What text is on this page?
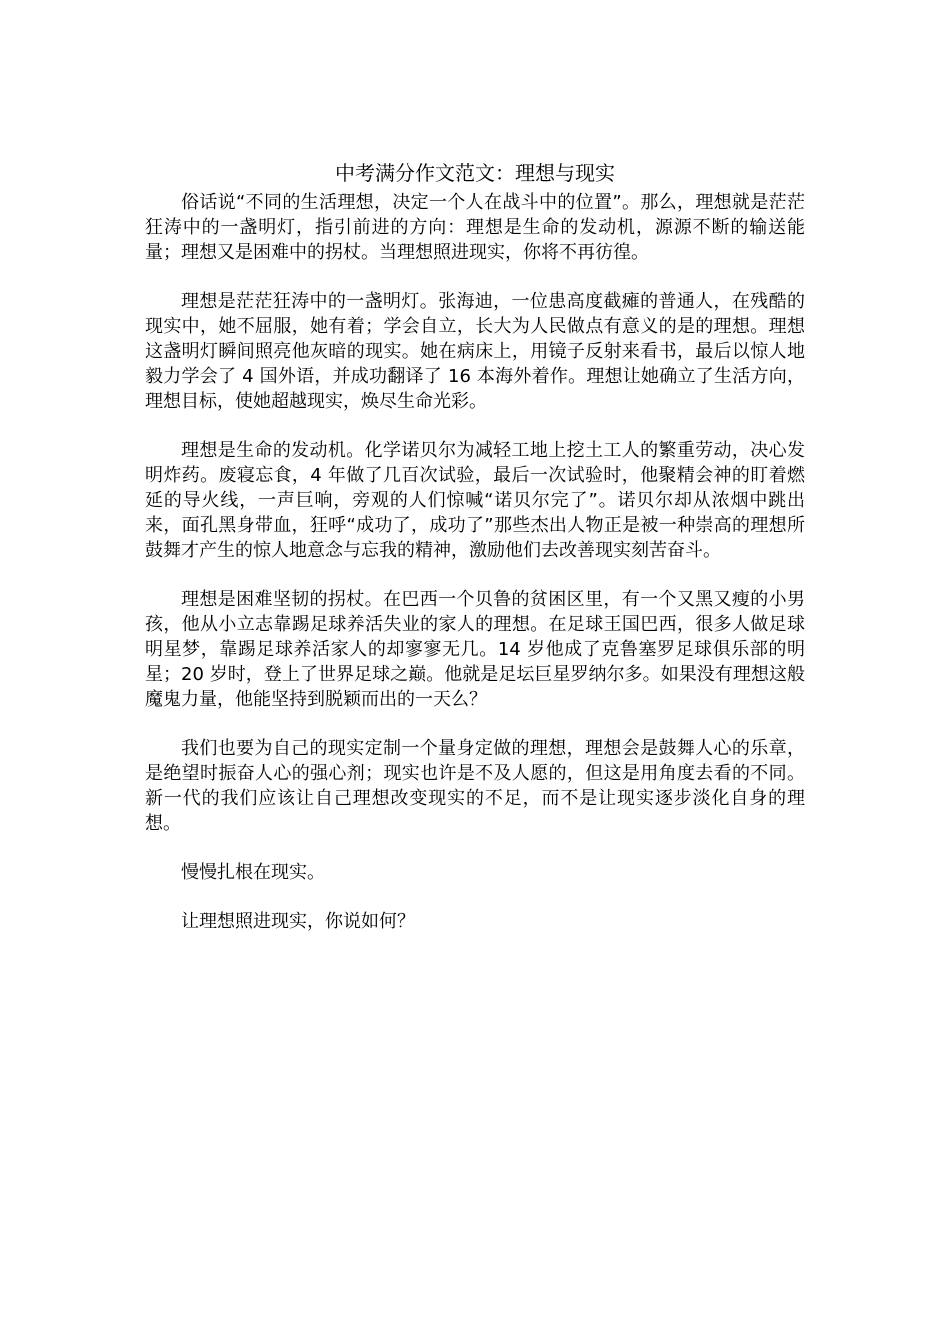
中考满分作文范文：理想与现实

俗话说“不同的生活理想，决定一个人在战斗中的位置”。那么，理想就是茫茫狂涛中的一盏明灯，指引前进的方向：理想是生命的发动机，源源不断的输送能量；理想又是困难中的拐杖。当理想照进现实，你将不再彷徨。

理想是茫茫狂涛中的一盏明灯。张海迪，一位患高度截瘫的普通人，在残酷的现实中，她不屈服，她有着；学会自立，长大为人民做点有意义的是的理想。理想这盏明灯瞬间照亮他灰暗的现实。她在病床上，用镜子反射来看书，最后以惊人地毅力学会了 4 国外语，并成功翻译了 16 本海外着作。理想让她确立了生活方向，理想目标，使她超越现实，焕尽生命光彩。

理想是生命的发动机。化学诺贝尔为减轻工地上挖土工人的繁重劳动，决心发明炸药。废寝忘食，4 年做了几百次试验，最后一次试验时，他聚精会神的盯着燃延的导火线，一声巨响，旁观的人们惊喊“诺贝尔完了”。诺贝尔却从浓烟中跳出来，面孔黑身带血，狂呼“成功了，成功了”那些杰出人物正是被一种崇高的理想所鼓舞才产生的惊人地意念与忘我的精神，激励他们去改善现实刻苦奋斗。

理想是困难坚韧的拐杖。在巴西一个贝鲁的贫困区里，有一个又黑又瘦的小男孩，他从小立志靠踢足球养活失业的家人的理想。在足球王国巴西，很多人做足球明星梦，靠踢足球养活家人的却寥寥无几。14 岁他成了克鲁塞罗足球俱乐部的明星；20 岁时，登上了世界足球之巅。他就是足坛巨星罗纳尔多。如果没有理想这般魔鬼力量，他能坚持到脱颖而出的一天么？

我们也要为自己的现实定制一个量身定做的理想，理想会是鼓舞人心的乐章，是绝望时振奋人心的强心剂；现实也许是不及人愿的，但这是用角度去看的不同。新一代的我们应该让自己理想改变现实的不足，而不是让现实逐步淡化自身的理想。

慢慢扎根在现实。

让理想照进现实，你说如何？
